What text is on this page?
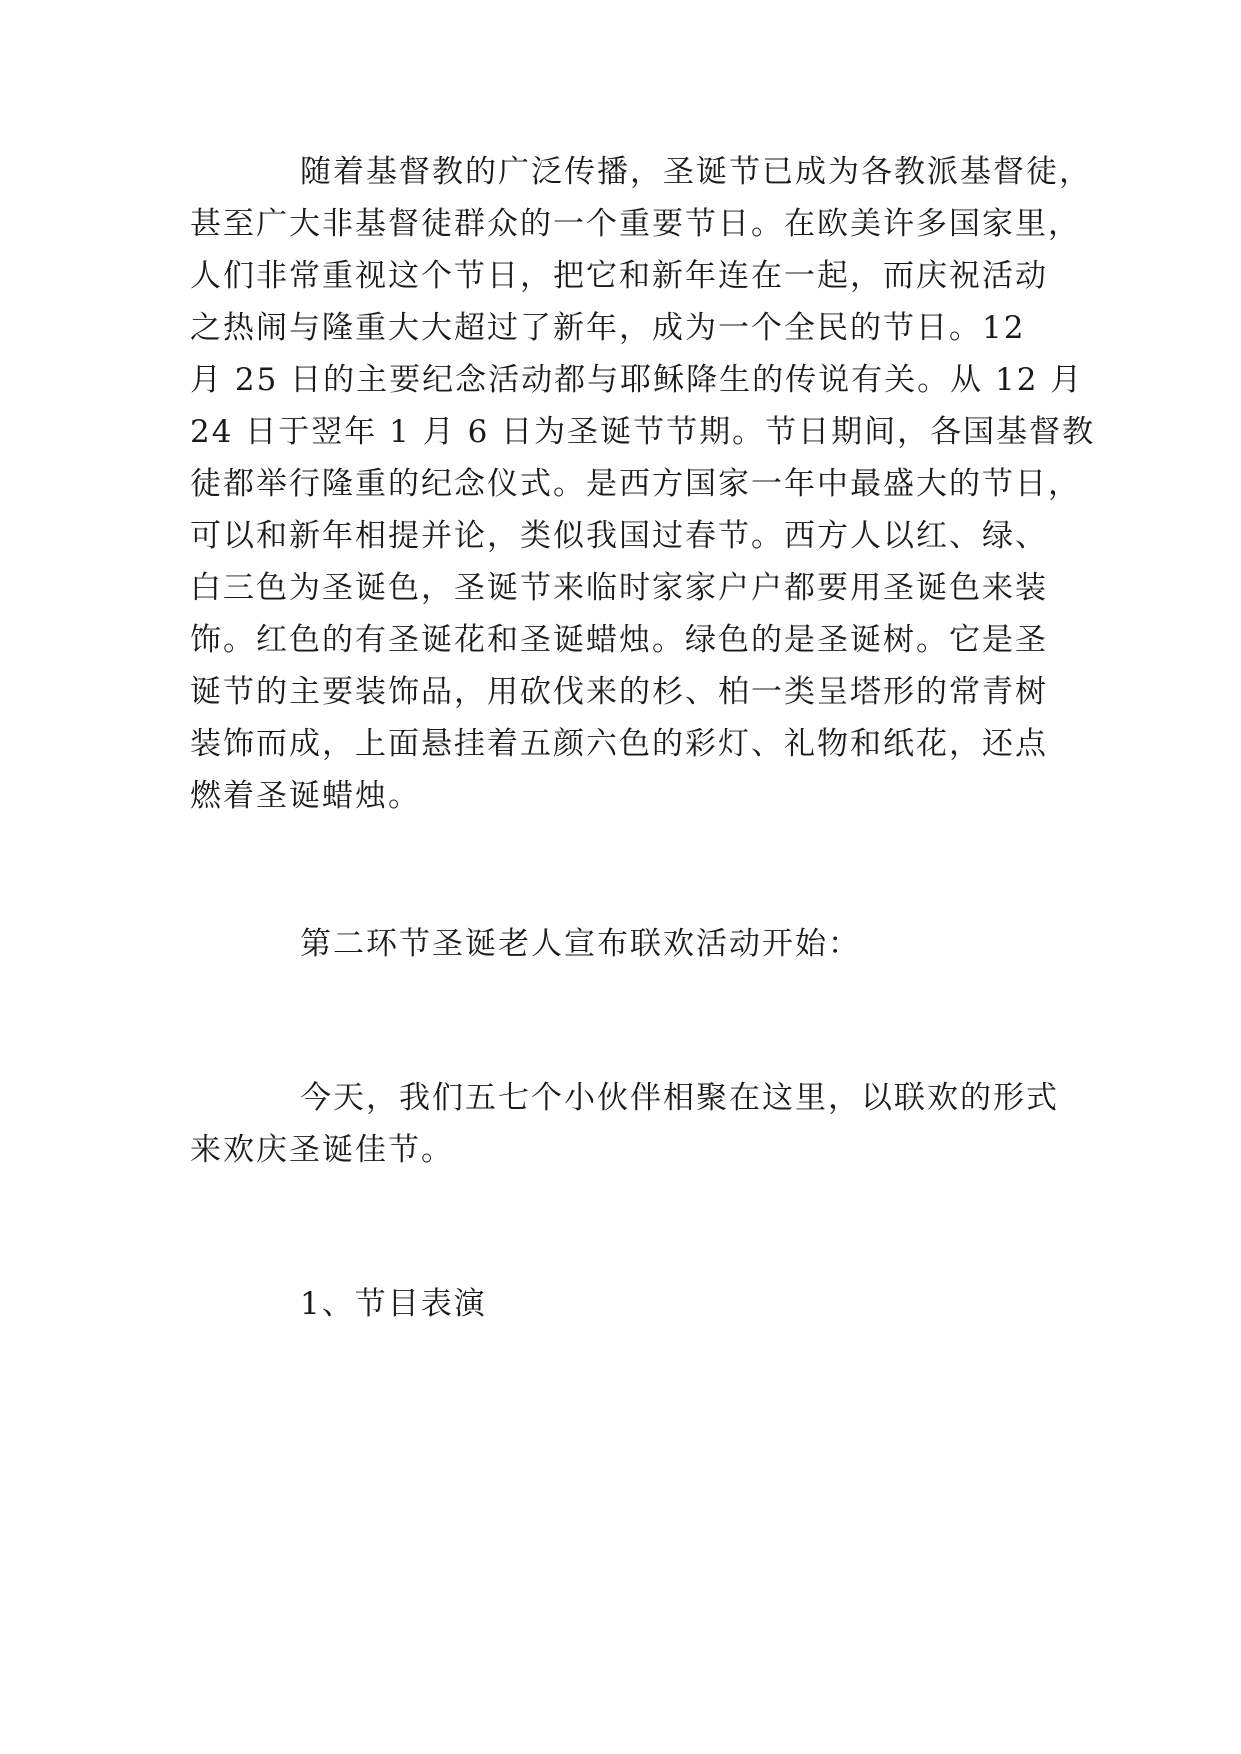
随着基督教的广泛传播，圣诞节已成为各教派基督徒，
甚至广大非基督徒群众的一个重要节日。在欧美许多国家里，
人们非常重视这个节日，把它和新年连在一起，而庆祝活动
之热闹与隆重大大超过了新年，成为一个全民的节日。12
月 25 日的主要纪念活动都与耶稣降生的传说有关。从 12 月
24 日于翌年 1 月 6 日为圣诞节节期。节日期间，各国基督教
徒都举行隆重的纪念仪式。是西方国家一年中最盛大的节日，
可以和新年相提并论，类似我国过春节。西方人以红、绿、
白三色为圣诞色，圣诞节来临时家家户户都要用圣诞色来装
饰。红色的有圣诞花和圣诞蜡烛。绿色的是圣诞树。它是圣
诞节的主要装饰品，用砍伐来的杉、柏一类呈塔形的常青树
装饰而成，上面悬挂着五颜六色的彩灯、礼物和纸花，还点
燃着圣诞蜡烛。
第二环节圣诞老人宣布联欢活动开始：
今天，我们五七个小伙伴相聚在这里，以联欢的形式
来欢庆圣诞佳节。
1、节目表演
